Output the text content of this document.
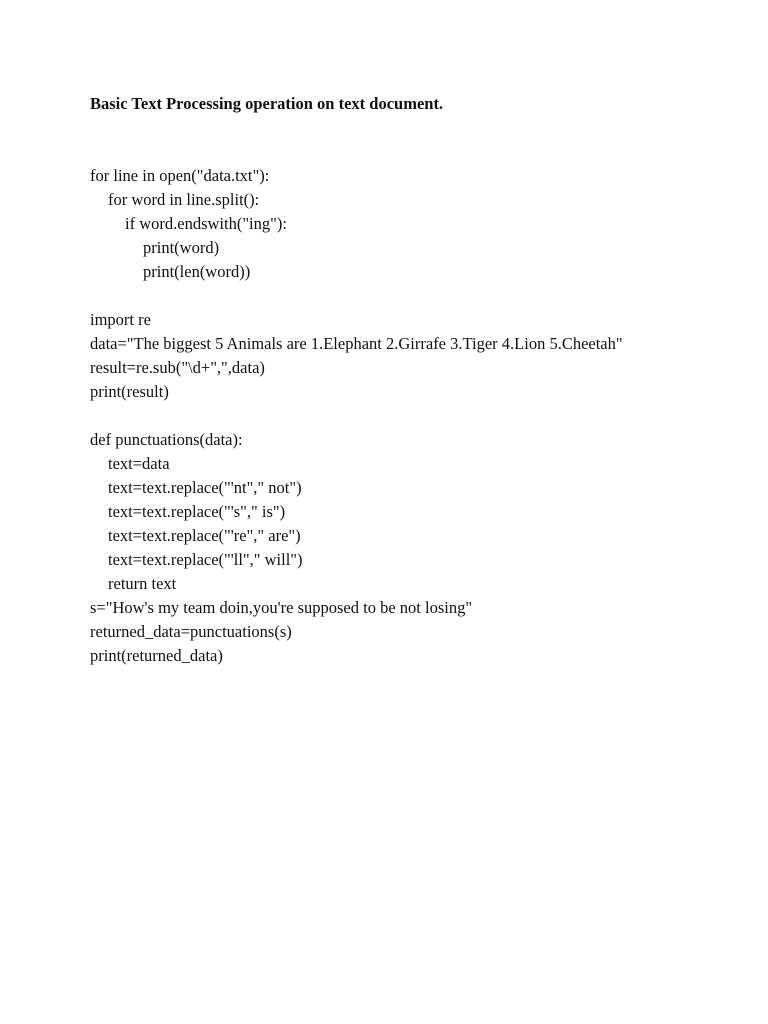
Basic Text Processing operation on text document.
for line in open("data.txt"):
for word in line.split():
if word.endswith("ing"):
print(word)
print(len(word))
import re
data="The biggest 5 Animals are 1.Elephant 2.Girrafe 3.Tiger 4.Lion 5.Cheetah"
result=re.sub("\d+",",data)
print(result)
def punctuations(data):
text=data
text=text.replace("'nt"," not")
text=text.replace("'s"," is")
text=text.replace("'re"," are")
text=text.replace("'ll"," will")
return text
s="How's my team doin,you're supposed to be not losing"
returned_data=punctuations(s)
print(returned_data)
